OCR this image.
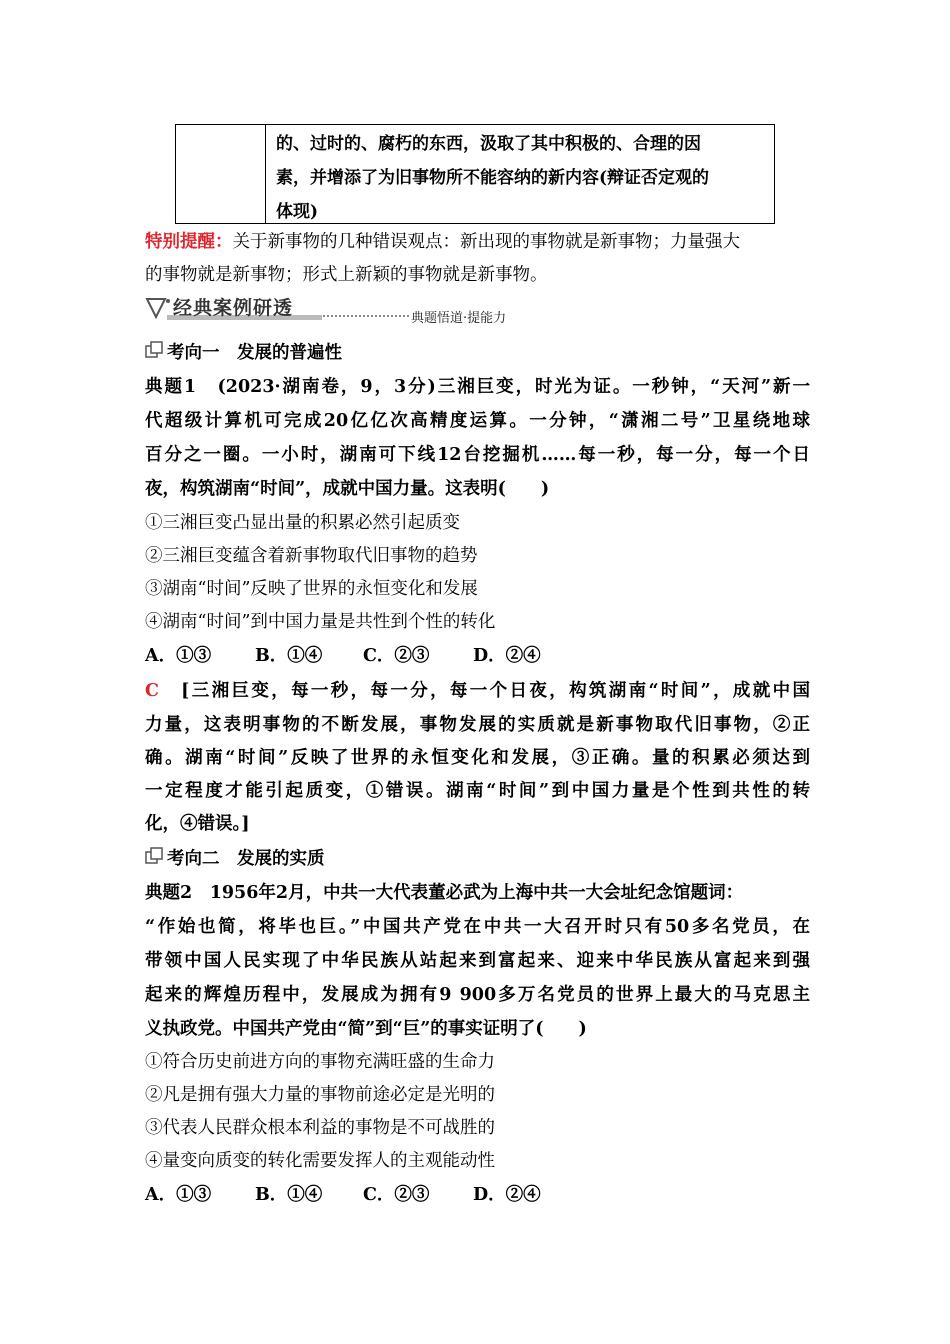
的、过时的、腐朽的东西，汲取了其中积极的、合理的因
素，并增添了为旧事物所不能容纳的新内容(辩证否定观的
体现)
特别提醒：关于新事物的几种错误观点：新出现的事物就是新事物；力量强大
的事物就是新事物；形式上新颖的事物就是新事物。
经典案例研透	典题悟道·提能力
考向一　发展的普遍性
典题1　 (2023·湖南卷，9，3分)三湘巨变，时光为证。一秒钟，“天河”新一
代超级计算机可完成20亿亿次高精度运算。一分钟，“潇湘二号”卫星绕地球
百分之一圈。一小时，湖南可下线12台挖掘机……每一秒，每一分，每一个日
夜，构筑湖南“时间”，成就中国力量。这表明(　　)
①三湘巨变凸显出量的积累必然引起质变
②三湘巨变蕴含着新事物取代旧事物的趋势
③湖南“时间”反映了世界的永恒变化和发展
④湖南“时间”到中国力量是共性到个性的转化
A．①③	B．①④ C．②③ D．②④
C　 [三湘巨变，每一秒，每一分，每一个日夜，构筑湖南“时间”，成就中国
力量，这表明事物的不断发展，事物发展的实质就是新事物取代旧事物，②正
确。湖南“时间”反映了世界的永恒变化和发展，③正确。量的积累必须达到
一定程度才能引起质变，①错误。湖南“时间”到中国力量是个性到共性的转
化，④错误。]
考向二　发展的实质
典题2　 1956年2月，中共一大代表董必武为上海中共一大会址纪念馆题词：
“作始也简，将毕也巨。”中国共产党在中共一大召开时只有50多名党员，在
带领中国人民实现了中华民族从站起来到富起来、迎来中华民族从富起来到强
起来的辉煌历程中，发展成为拥有9 900多万名党员的世界上最大的马克思主
义执政党。中国共产党由“简”到“巨”的事实证明了(　　)
①符合历史前进方向的事物充满旺盛的生命力
②凡是拥有强大力量的事物前途必定是光明的
③代表人民群众根本利益的事物是不可战胜的
④量变向质变的转化需要发挥人的主观能动性
A．①③	B．①④ C．②③ D．②④
